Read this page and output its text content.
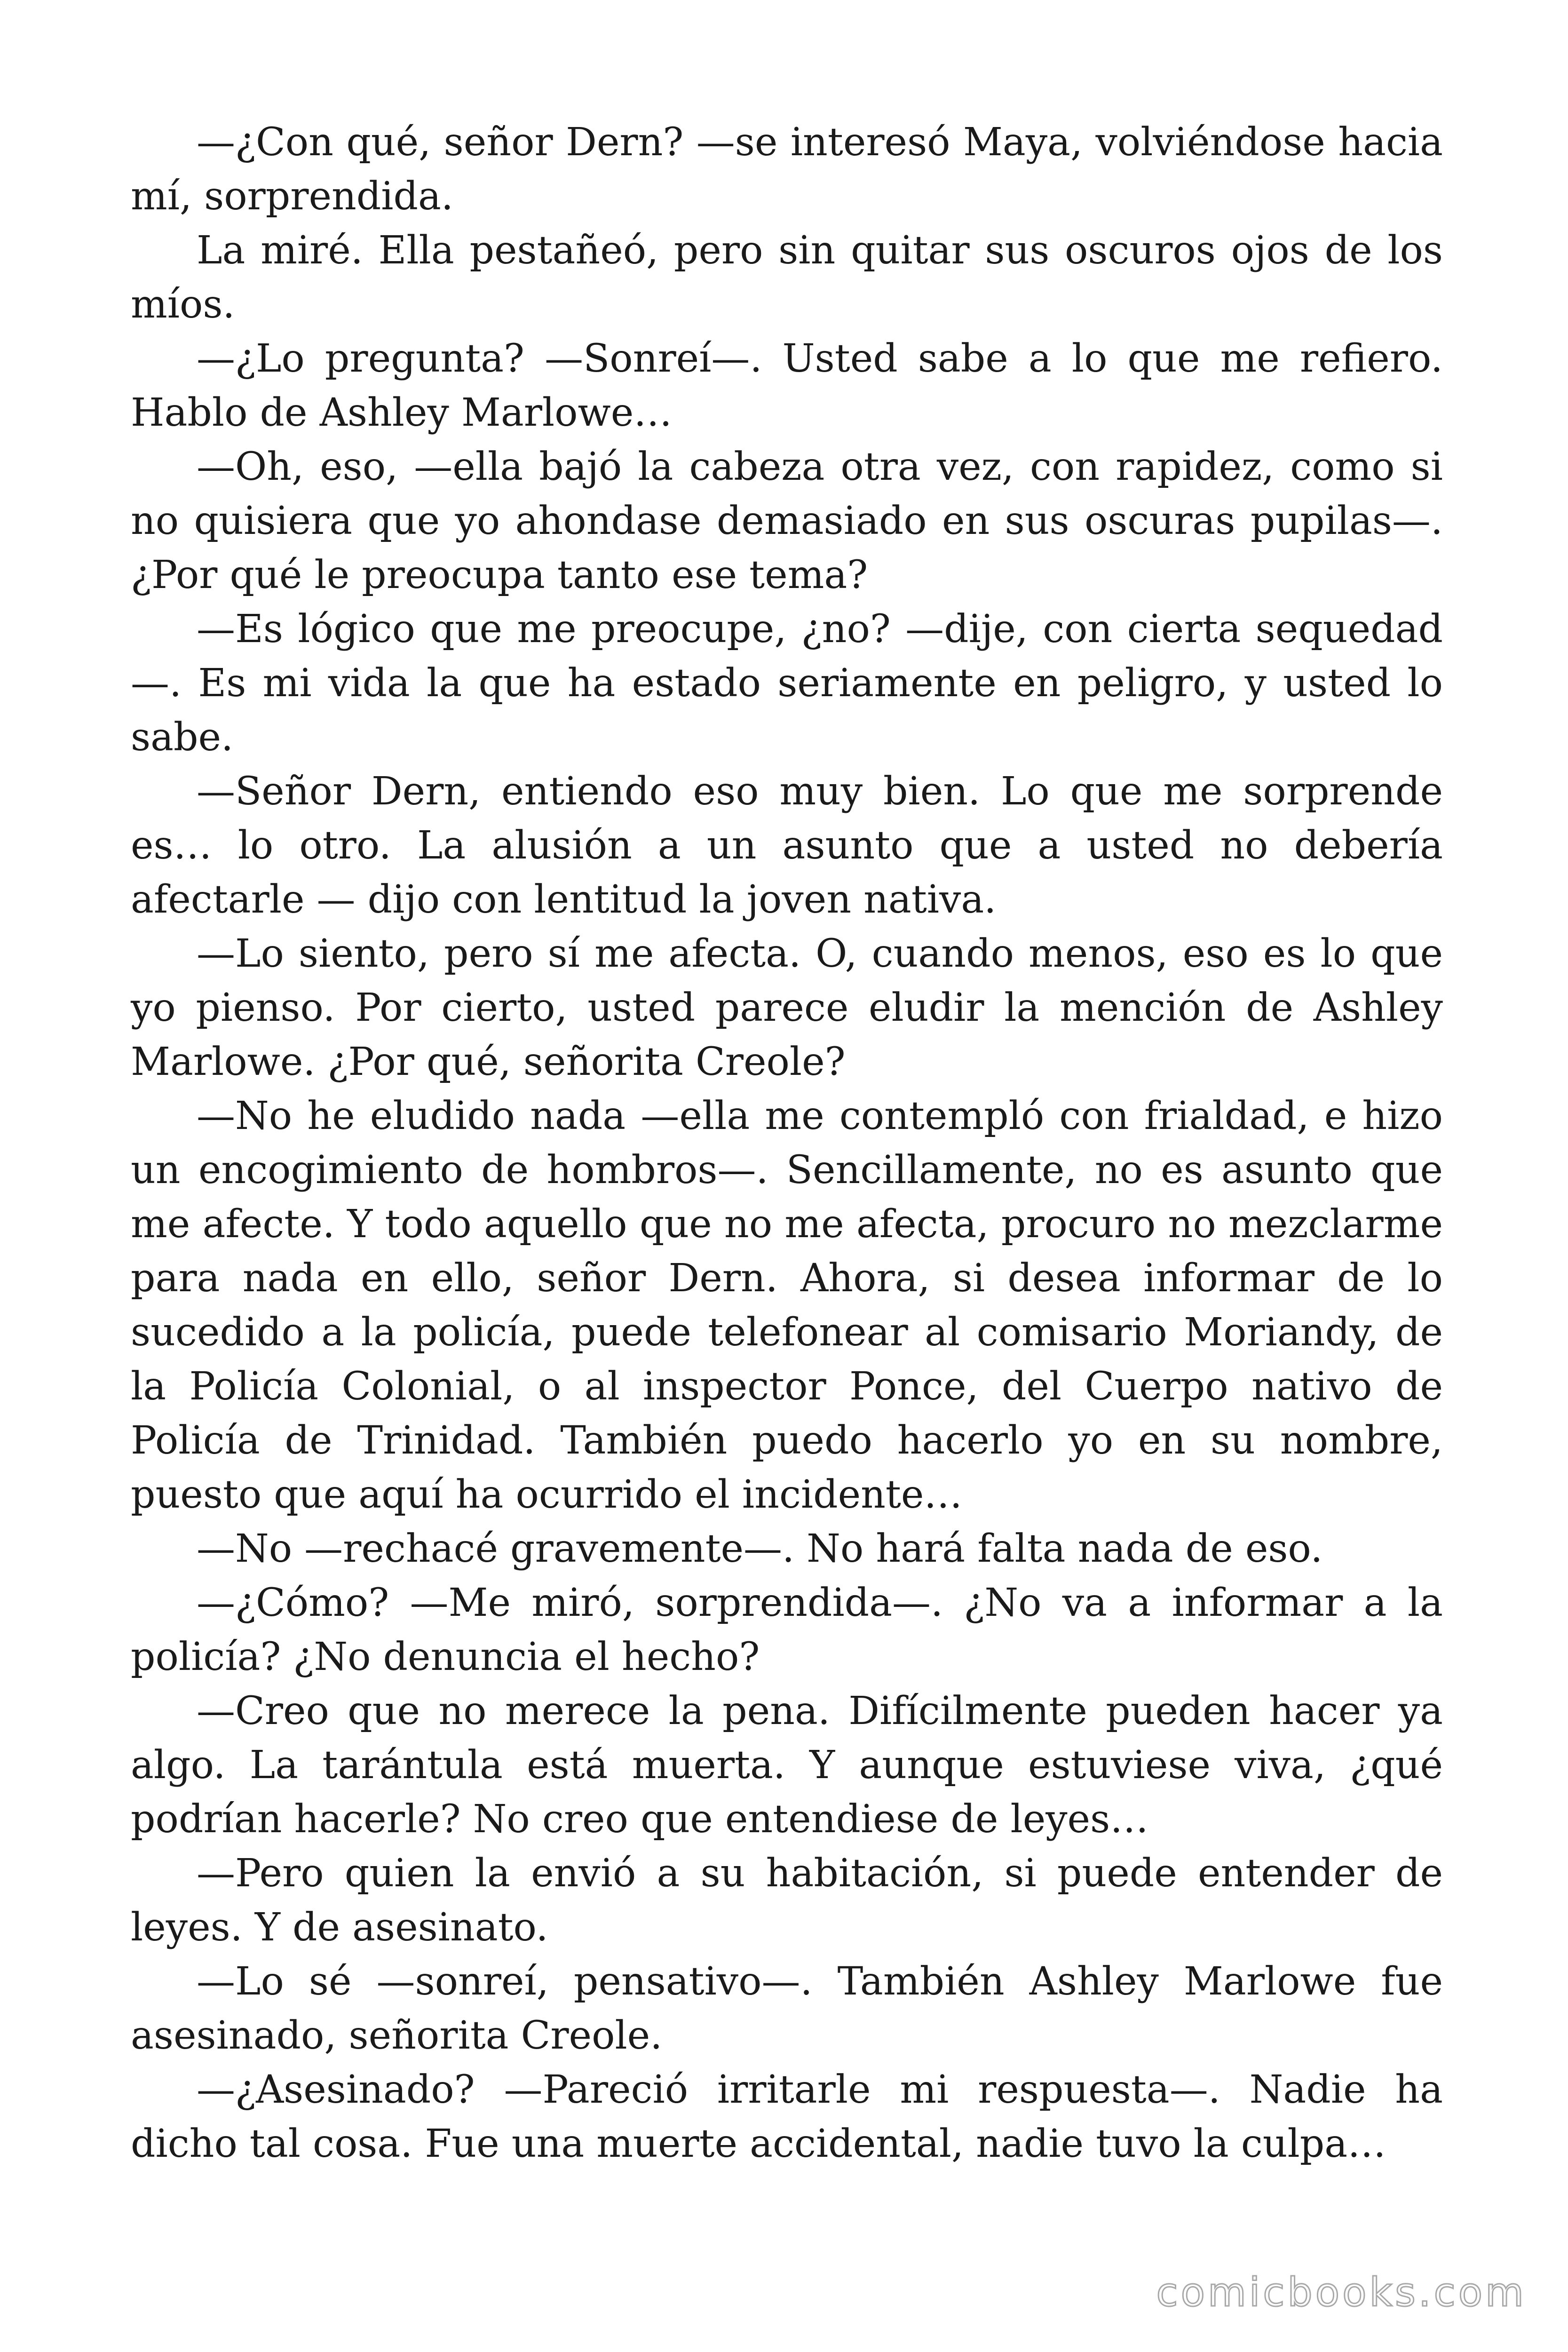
—¿Con qué, señor Dern? —se interesó Maya, volviéndose hacia mí, sorprendida.

La miré. Ella pestañeó, pero sin quitar sus oscuros ojos de los míos.

—¿Lo pregunta? —Sonreí—. Usted sabe a lo que me refiero. Hablo de Ashley Marlowe…

—Oh, eso, —ella bajó la cabeza otra vez, con rapidez, como si no quisiera que yo ahondase demasiado en sus oscuras pupilas—. ¿Por qué le preocupa tanto ese tema?

—Es lógico que me preocupe, ¿no? —dije, con cierta sequedad —. Es mi vida la que ha estado seriamente en peligro, y usted lo sabe.

—Señor Dern, entiendo eso muy bien. Lo que me sorprende es… lo otro. La alusión a un asunto que a usted no debería afectarle — dijo con lentitud la joven nativa.

—Lo siento, pero sí me afecta. O, cuando menos, eso es lo que yo pienso. Por cierto, usted parece eludir la mención de Ashley Marlowe. ¿Por qué, señorita Creole?

—No he eludido nada —ella me contempló con frialdad, e hizo un encogimiento de hombros—. Sencillamente, no es asunto que me afecte. Y todo aquello que no me afecta, procuro no mezclarme para nada en ello, señor Dern. Ahora, si desea informar de lo sucedido a la policía, puede telefonear al comisario Moriandy, de la Policía Colonial, o al inspector Ponce, del Cuerpo nativo de Policía de Trinidad. También puedo hacerlo yo en su nombre, puesto que aquí ha ocurrido el incidente…

—No —rechacé gravemente—. No hará falta nada de eso.

—¿Cómo? —Me miró, sorprendida—. ¿No va a informar a la policía? ¿No denuncia el hecho?

—Creo que no merece la pena. Difícilmente pueden hacer ya algo. La tarántula está muerta. Y aunque estuviese viva, ¿qué podrían hacerle? No creo que entendiese de leyes…

—Pero quien la envió a su habitación, si puede entender de leyes. Y de asesinato.

—Lo sé —sonreí, pensativo—. También Ashley Marlowe fue asesinado, señorita Creole.

—¿Asesinado? —Pareció irritarle mi respuesta—. Nadie ha dicho tal cosa. Fue una muerte accidental, nadie tuvo la culpa…

comicbooks.com
